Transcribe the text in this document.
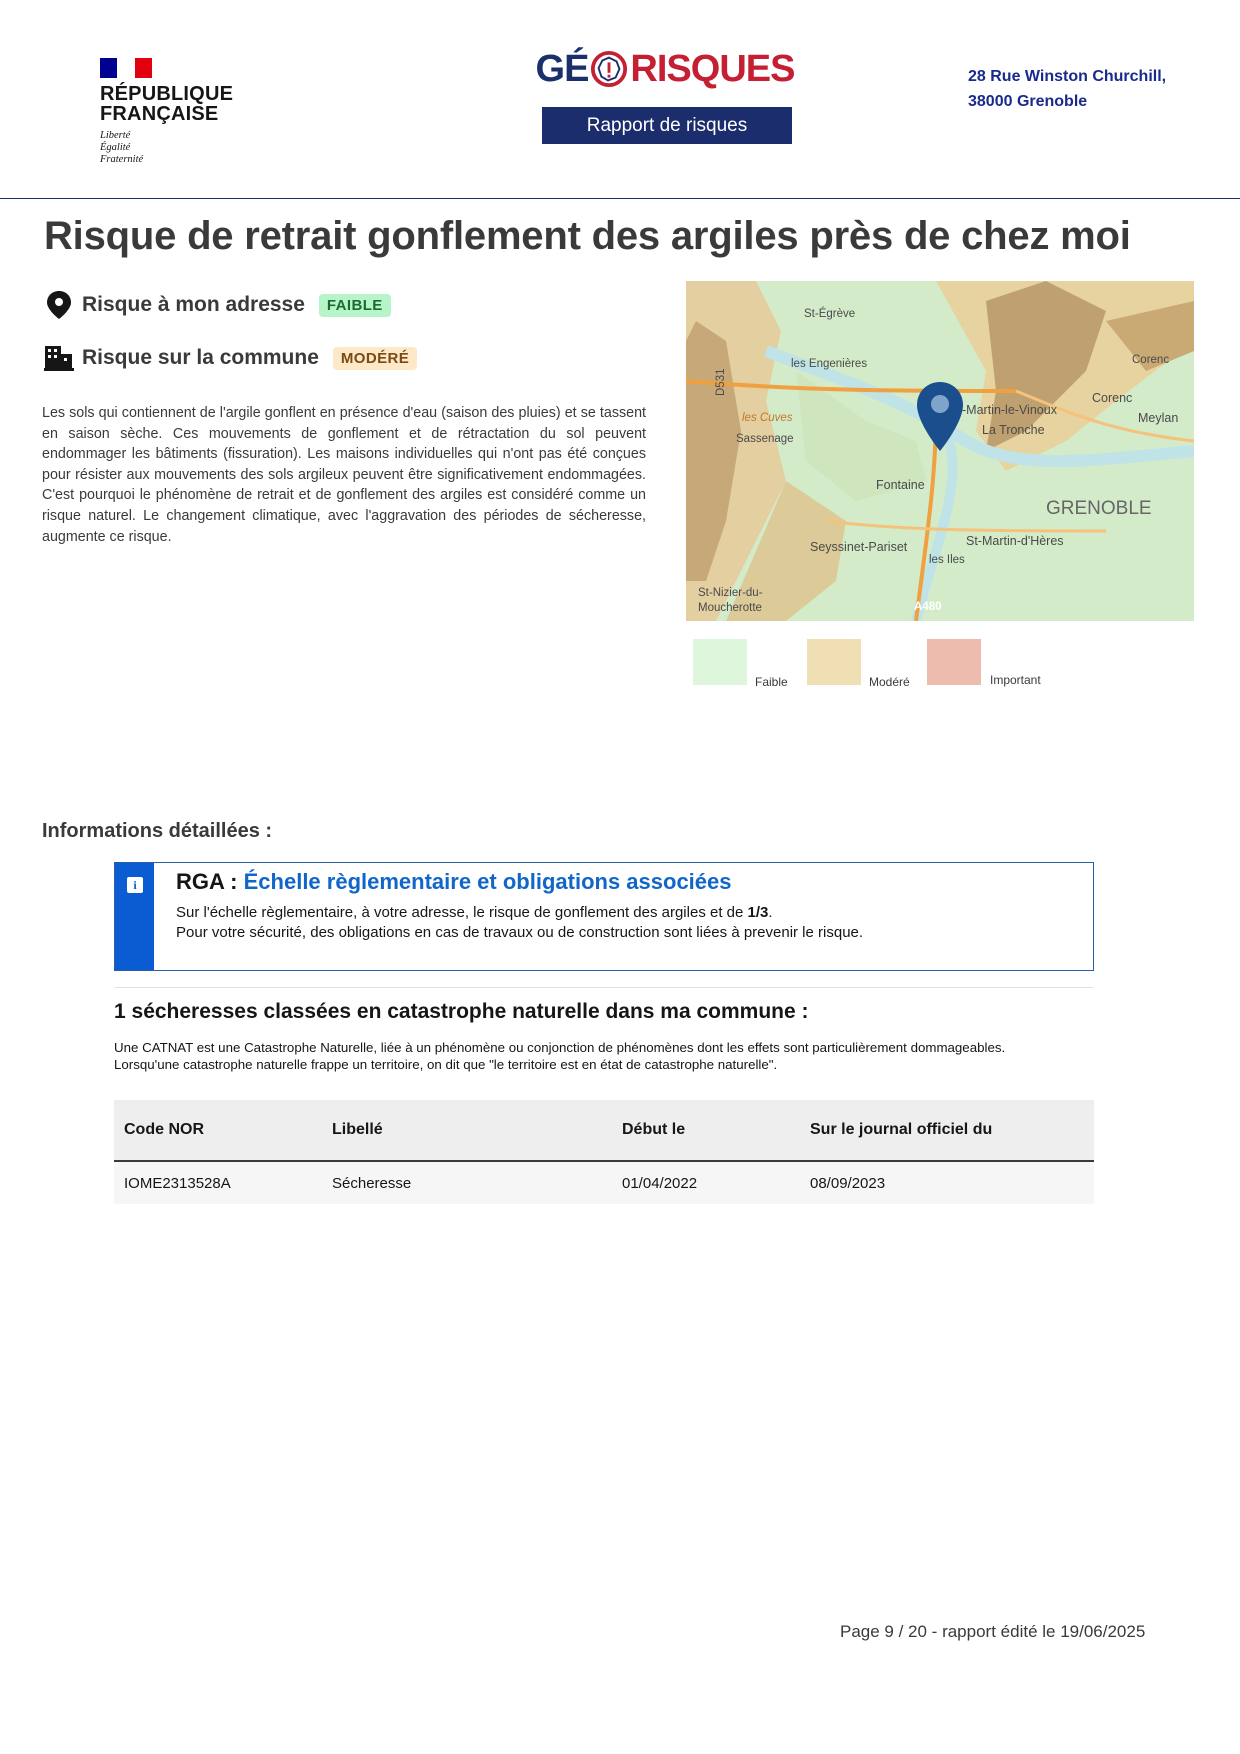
RÉPUBLIQUE
FRANÇAISE
Liberté
Égalité
Fraternité
GÉ RISQUES
Rapport de risques
28 Rue Winston Churchill,
38000 Grenoble
Risque de retrait gonflement des argiles près de chez moi
Risque à mon adresse	FAIBLE
Risque sur la commune	MODÉRÉ
Les sols qui contiennent de l'argile gonflent en présence d'eau (saison des pluies) et se tassent en saison sèche. Ces mouvements de gonflement et de rétractation du sol peuvent endommager les bâtiments (fissuration). Les maisons individuelles qui n'ont pas été conçues pour résister aux mouvements des sols argileux peuvent être significativement endommagées. C'est pourquoi le phénomène de retrait et de gonflement des argiles est considéré comme un risque naturel. Le changement climatique, avec l'aggravation des périodes de sécheresse, augmente ce risque.
St-Égrève
les Engenières
Sassenage
les Cuves
D531
Fontaine
GRENOBLE
Seyssinet-Pariset	St-Martin-d'Hères
les Iles
St-Nizier-du-
Moucherotte	A480
-Martin-le-Vinoux
La Tronche
Corenc
Corenc
Meylan
Faible	Modéré	Important
Informations détaillées :
i RGA : Échelle règlementaire et obligations associées
Sur l'échelle règlementaire, à votre adresse, le risque de gonflement des argiles et de 1/3.
Pour votre sécurité, des obligations en cas de travaux ou de construction sont liées à prevenir le risque.
1 sécheresses classées en catastrophe naturelle dans ma commune :
Une CATNAT est une Catastrophe Naturelle, liée à un phénomène ou conjonction de phénomènes dont les effets sont particulièrement dommageables. Lorsqu'une catastrophe naturelle frappe un territoire, on dit que "le territoire est en état de catastrophe naturelle".
Code NOR	Libellé	Début le	Sur le journal officiel du
IOME2313528A	Sécheresse	01/04/2022	08/09/2023
Page 9 / 20 - rapport édité le 19/06/2025
